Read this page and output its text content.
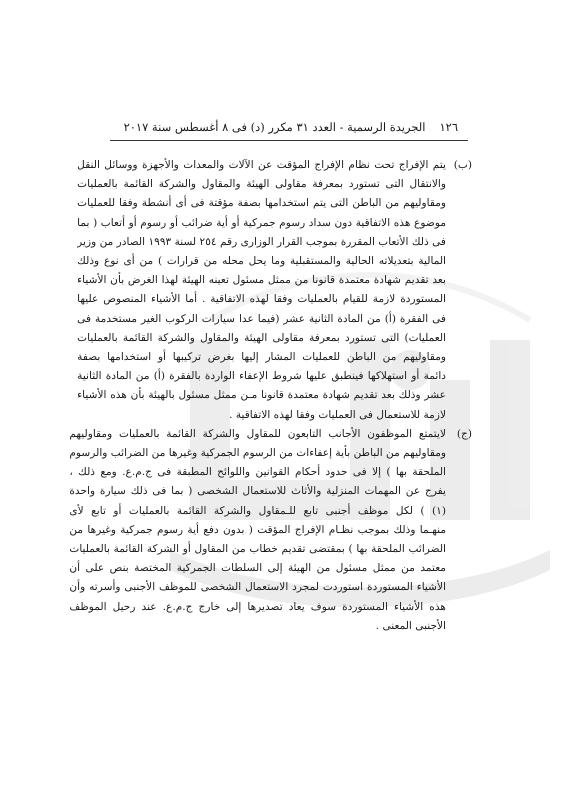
١٢٦الجريدة الرسمية - العدد ٣١ مكرر (د) فى ٨ أغسطس سنة ٢٠١٧
(ب)
يتم الإفراج تحت نظام الإفراج المؤقت عن الآلات والمعدات والأجهزة ووسائل النقل
والانتقال التى تستورد بمعرفة مقاولى الهيئة والمقاول والشركة القائمة بالعمليات
ومقاوليهم من الباطن التى يتم استخدامها بصفة مؤقتة فى أى أنشطة وفقا للعمليات
موضوع هذه الاتفاقية دون سداد رسوم جمركية أو أية ضرائب أو رسوم أو أتعاب ( بما
فى ذلك الأتعاب المقررة بموجب القرار الوزارى رقم ٢٥٤ لسنة ١٩٩٣ الصادر من وزير
المالية بتعديلاته الحالية والمستقبلية وما يحل محله من قرارات ) من أى نوع وذلك
بعد تقديم شهادة معتمدة قانونا من ممثل مسئول تعينه الهيئة لهذا الغرض بأن الأشياء
المستوردة لازمة للقيام بالعمليات وفقا لهذه الاتفاقية . أما الأشياء المنصوص عليها
فى الفقرة (أ) من المادة الثانية عشر (فيما عدا سيارات الركوب الغير مستخدمة فى
العمليات) التى تستورد بمعرفة مقاولى الهيئة والمقاول والشركة القائمة بالعمليات
ومقاوليهم من الباطن للعمليات المشار إليها بغرض تركيبها أو استخدامها بصفة
دائمة أو استهلاكها فينطبق عليها شروط الإعفاء الواردة بالفقرة (أ) من المادة الثانية
عشر وذلك بعد تقديم شهادة معتمدة قانونا مـن ممثل مسئول بالهيئة بأن هذه الأشياء
لازمة للاستعمال فى العمليات وفقا لهذه الاتفاقية .
(ج)
لايتمتع الموظفون الأجانب التابعون للمقاول والشركة القائمة بالعمليات ومقاوليهم
ومقاوليهم من الباطن بأية إعفاءات من الرسوم الجمركية وغيرها من الضرائب والرسوم
الملحقة بها ) إلا فى حدود أحكام القوانين واللوائح المطبقة فى ج.م.ع. ومع ذلك ،
يفرج عن المهمات المنزلية والأثاث للاستعمال الشخصى ( بما فى ذلك سيارة واحدة
(١) ) لكل موظف أجنبى تابع للـمقاول والشركة القائمة بالعمليات أو تابع لأى
منهـما وذلك بموجب نظـام الإفراج المؤقت ( بدون دفع أية رسوم جمركية وغيرها من
الضرائب الملحقة بها ) بمقتضى تقديم خطاب من المقاول أو الشركة القائمة بالعمليات
معتمد من ممثل مسئول من الهيئة إلى السلطات الجمركية المختصة بنص على أن
الأشياء المستوردة استوردت لمجرد الاستعمال الشخصى للموظف الأجنبى وأسرته وأن
هذه الأشياء المستوردة سوف يعاد تصديرها إلى خارج ج.م.ع. عند رحيل الموظف
الأجنبى المعنى .
